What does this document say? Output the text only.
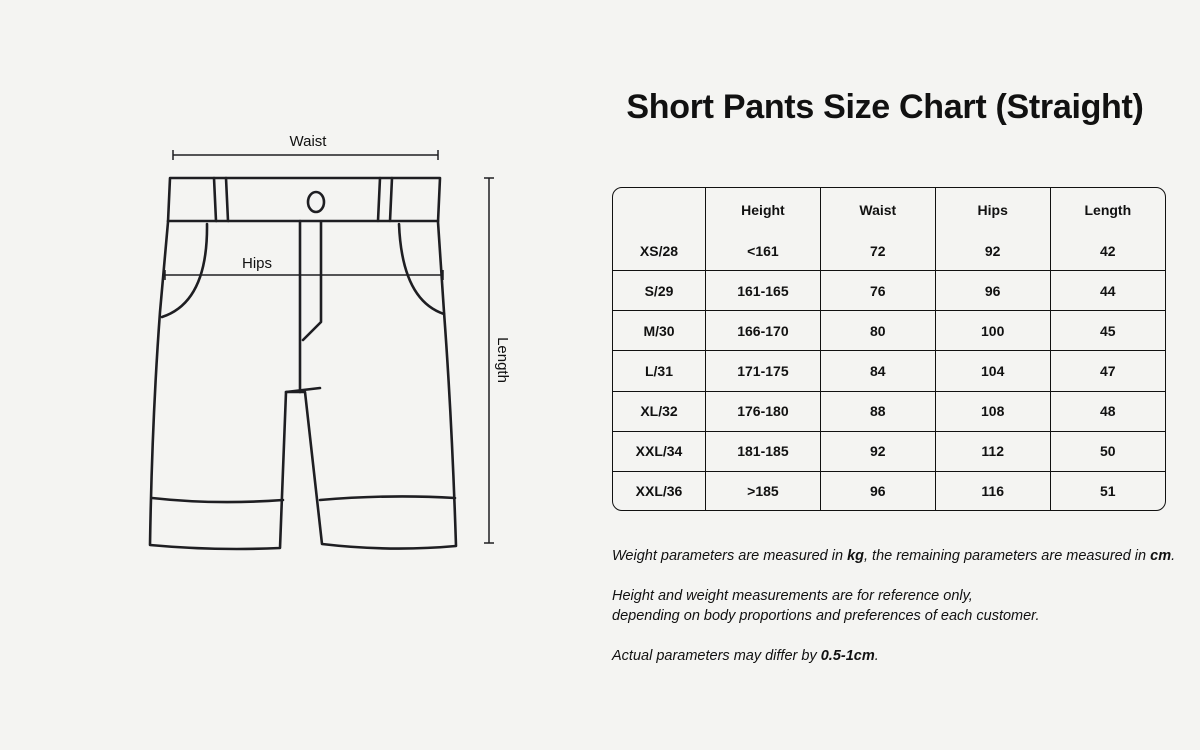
Waist
Hips
Length
Short Pants Size Chart (Straight)
	Height	Waist	Hips	Length
XS/28	<161	72	92	42
S/29	161-165	76	96	44
M/30	166-170	80	100	45
L/31	171-175	84	104	47
XL/32	176-180	88	108	48
XXL/34	181-185	92	112	50
XXL/36	>185	96	116	51

Weight parameters are measured in kg, the remaining parameters are measured in cm.

Height and weight measurements are for reference only,
depending on body proportions and preferences of each customer.

Actual parameters may differ by 0.5-1cm.
